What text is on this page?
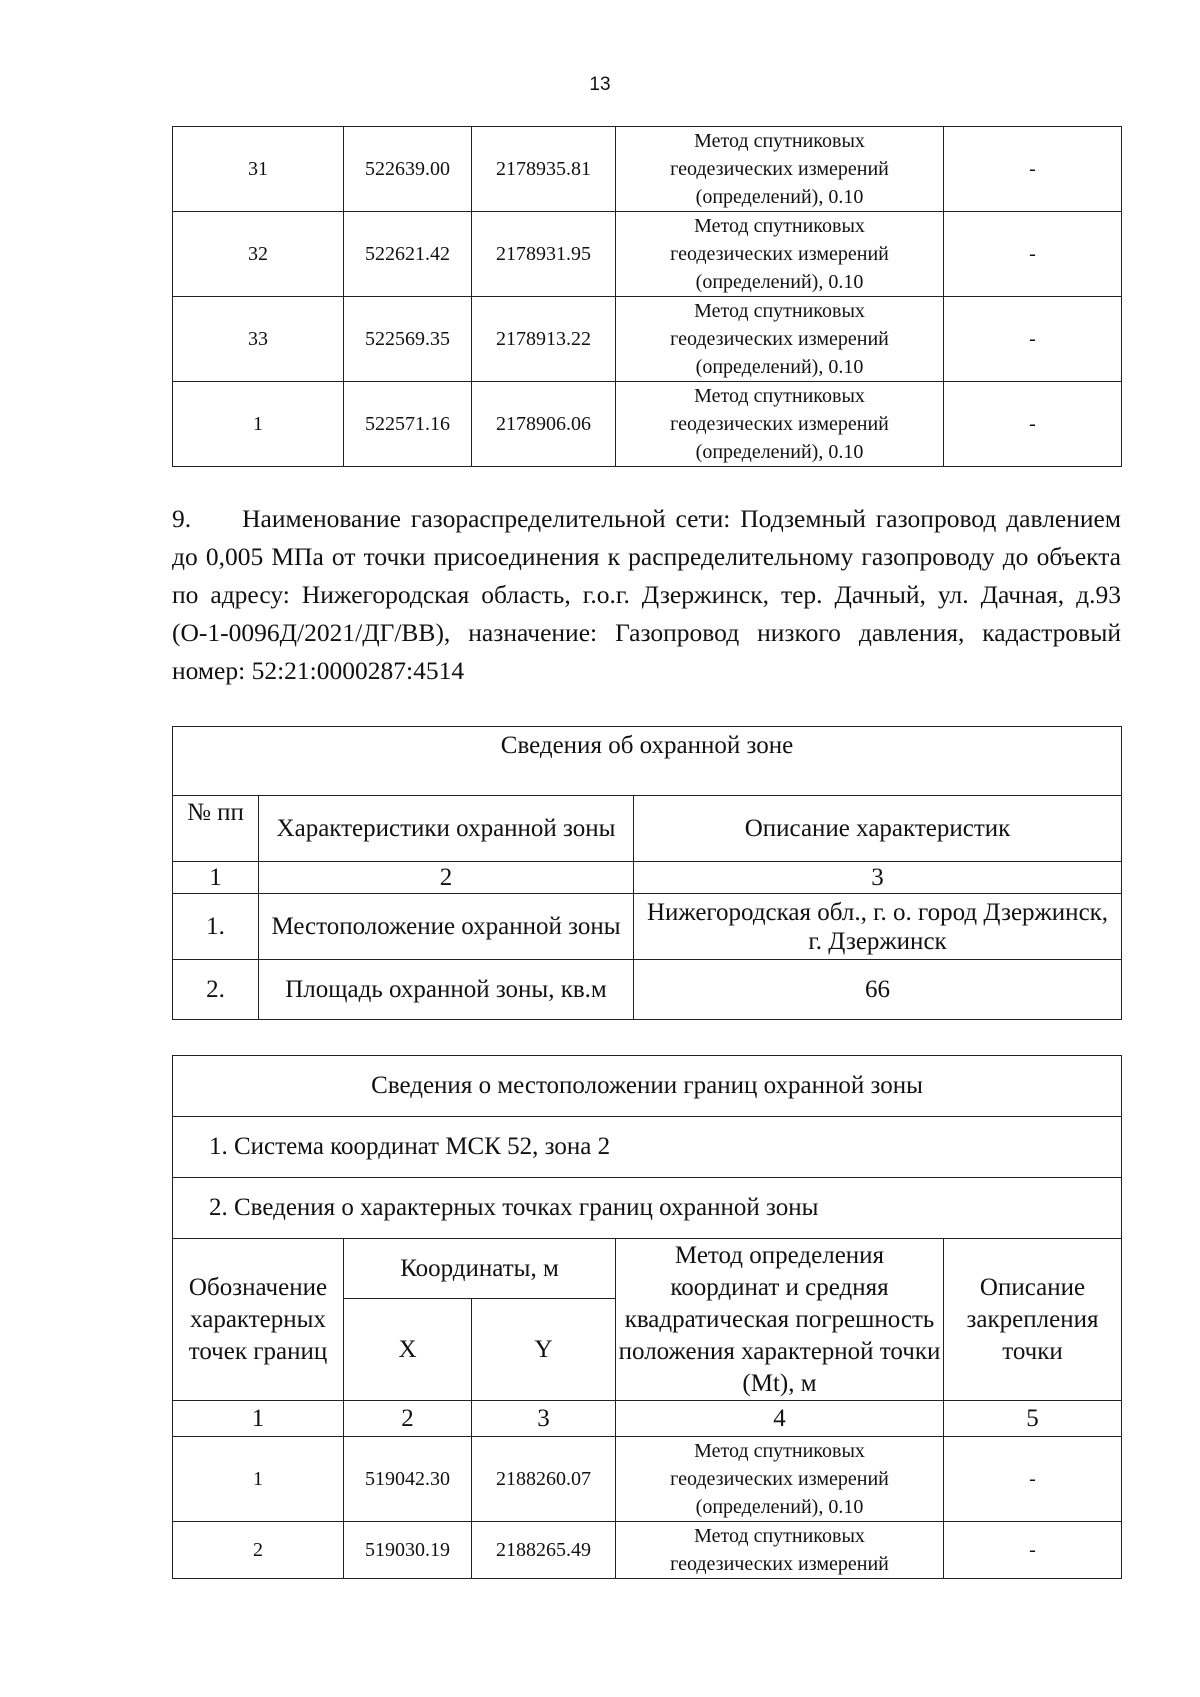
13
31	522639.00	2178935.81	Метод спутниковых
геодезических измерений
(определений), 0.10	-
32	522621.42	2178931.95	Метод спутниковых
геодезических измерений
(определений), 0.10	-
33	522569.35	2178913.22	Метод спутниковых
геодезических измерений
(определений), 0.10	-
1	522571.16	2178906.06	Метод спутниковых
геодезических измерений
(определений), 0.10	-
9.  Наименование газораспределительной сети: Подземный газопровод давлением до 0,005 МПа от точки присоединения к распределительному газопроводу до объекта по адресу: Нижегородская область, г.о.г. Дзержинск, тер. Дачный, ул. Дачная, д.93 (О-1-0096Д/2021/ДГ/ВВ), назначение: Газопровод низкого давления, кадастровый номер: 52:21:0000287:4514
Сведения об охранной зоне		
№ пп	Характеристики охранной зоны	Описание характеристик
1	2	3
1.	Местоположение охранной зоны	Нижегородская обл., г. о. город Дзержинск, г. Дзержинск
2.	Площадь охранной зоны, кв.м	66
Сведения о местоположении границ охранной зоны				
1. Система координат МСК 52, зона 2				
2. Сведения о характерных точках границ охранной зоны				
Обозначение характерных точек границ	Координаты, м		Метод определения координат и средняя квадратическая погрешность положения характерной точки (Mt), м	Описание закрепления точки
	X	Y		
1	2	3	4	5
1	519042.30	2188260.07	Метод спутниковых
геодезических измерений
(определений), 0.10	-
2	519030.19	2188265.49	Метод спутниковых
геодезических измерений	-
